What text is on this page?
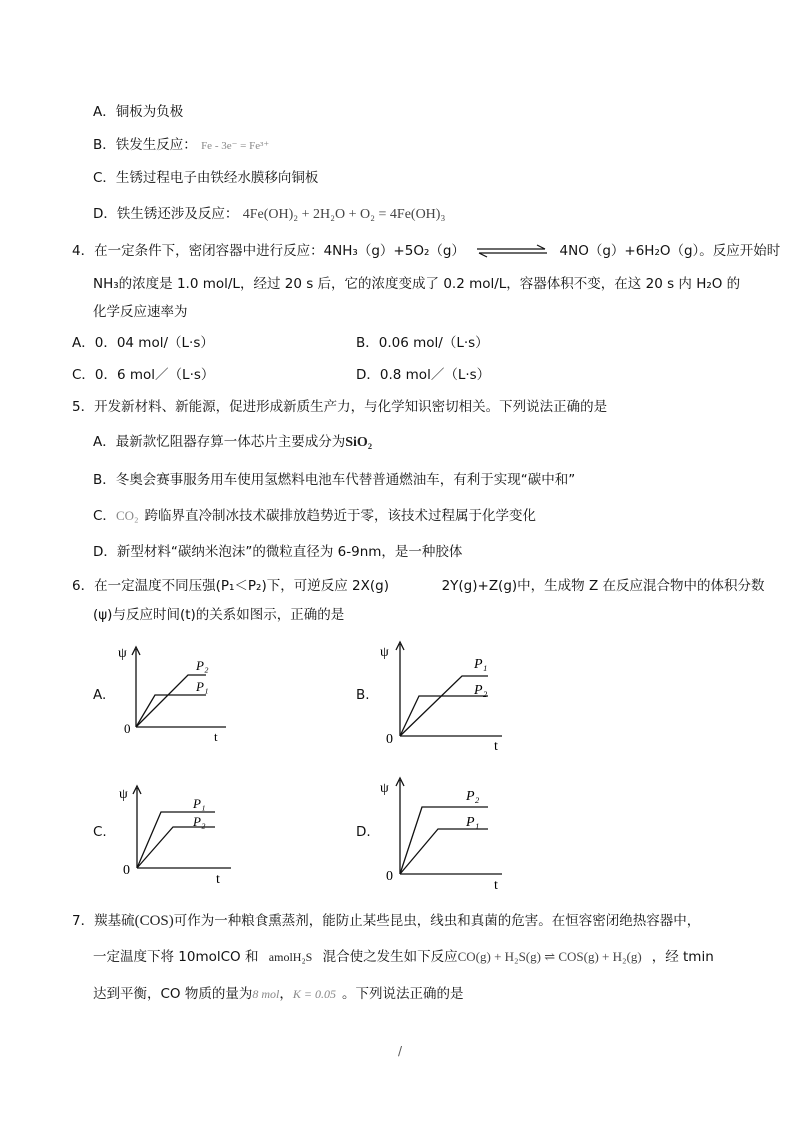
A．铜板为负极
B．铁发生反应： Fe - 3e⁻ = Fe³⁺
C．生锈过程电子由铁经水膜移向铜板
D．铁生锈还涉及反应： 4Fe(OH)₂ + 2H₂O + O₂ = 4Fe(OH)₃
4．在一定条件下，密闭容器中进行反应：4NH₃（g）+5O₂（g）	4NO（g）+6H₂O（g）。反应开始时
NH₃的浓度是 1.0 mol/L，经过 20 s 后，它的浓度变成了 0.2 mol/L，容器体积不变，在这 20 s 内 H₂O 的
化学反应速率为
A．0．04 mol/（L·s）	B．0.06 mol/（L·s）
C．0．6 mol／（L·s）	D．0.8 mol／（L·s）
5．开发新材料、新能源，促进形成新质生产力，与化学知识密切相关。下列说法正确的是
A．最新款忆阻器存算一体芯片主要成分为SiO₂
B．冬奥会赛事服务用车使用氢燃料电池车代替普通燃油车，有利于实现“碳中和”
C．CO₂ 跨临界直冷制冰技术碳排放趋势近于零，该技术过程属于化学变化
D．新型材料“碳纳米泡沫”的微粒直径为 6-9nm，是一种胶体
6．在一定温度不同压强(P₁＜P₂)下，可逆反应 2X(g)	2Y(g)+Z(g)中，生成物 Z 在反应混合物中的体积分数
(ψ)与反应时间(t)的关系如图示，正确的是
A.	B.
C.	D.
ψ
0
t
P₂
P₁
ψ
0	t
P₁
P₂
ψ
0
t
P₁
P₂
ψ
0
t
P₂
P₁
7．羰基硫(COS)可作为一种粮食熏蒸剂，能防止某些昆虫，线虫和真菌的危害。在恒容密闭绝热容器中，
一定温度下将 10molCO 和 amolH₂S 混合使之发生如下反应CO(g) + H₂S(g) ⇌ COS(g) + H₂(g) ，经 tmin
达到平衡，CO 物质的量为8 mol，K = 0.05 。下列说法正确的是
/
